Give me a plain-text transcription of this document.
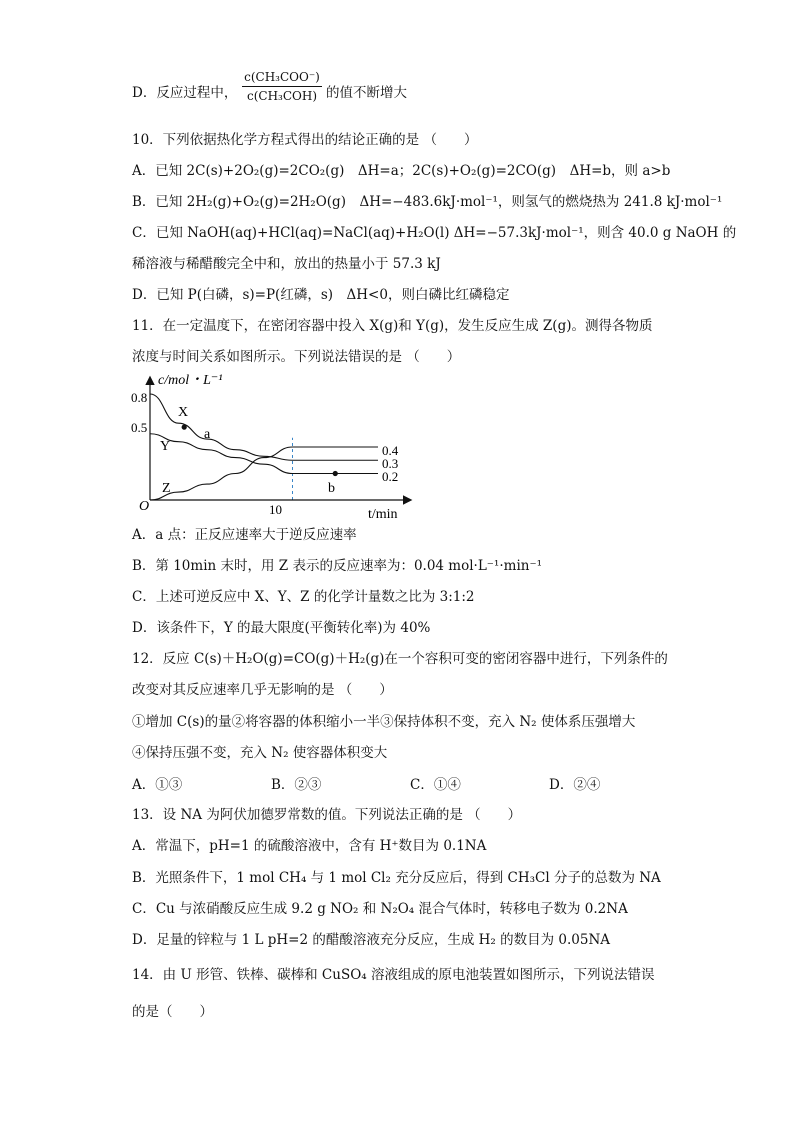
D．反应过程中，
c(CH₃COO⁻)
c(CH₃COH) 的值不断增大
10．下列依据热化学方程式得出的结论正确的是 （　　）
A．已知 2C(s)+2O₂(g)=2CO₂(g)　ΔH=a；2C(s)+O₂(g)=2CO(g)　ΔH=b，则 a>b
B．已知 2H₂(g)+O₂(g)=2H₂O(g)　ΔH=−483.6kJ·mol⁻¹，则氢气的燃烧热为 241.8 kJ·mol⁻¹
C．已知 NaOH(aq)+HCl(aq)=NaCl(aq)+H₂O(l) ΔH=−57.3kJ·mol⁻¹，则含 40.0 g NaOH 的
稀溶液与稀醋酸完全中和，放出的热量小于 57.3 kJ
D．已知 P(白磷，s)=P(红磷，s)　ΔH<0，则白磷比红磷稳定
11．在一定温度下，在密闭容器中投入 X(g)和 Y(g)，发生反应生成 Z(g)。测得各物质
浓度与时间关系如图所示。下列说法错误的是 （　　）
c/mol・L⁻¹
t/min
O
0.8
0.5
10
0.4
0.3
0.2
X
Y
Z
a
b
A．a 点：正反应速率大于逆反应速率
B．第 10min 末时，用 Z 表示的反应速率为：0.04 mol·L⁻¹·min⁻¹
C．上述可逆反应中 X、Y、Z 的化学计量数之比为 3:1:2
D．该条件下，Y 的最大限度(平衡转化率)为 40%
12．反应 C(s)＋H₂O(g)=CO(g)＋H₂(g)在一个容积可变的密闭容器中进行，下列条件的
改变对其反应速率几乎无影响的是 （　　）
①增加 C(s)的量②将容器的体积缩小一半③保持体积不变，充入 N₂ 使体系压强增大
④保持压强不变，充入 N₂ 使容器体积变大
A．①③	B．②③	C．①④	D．②④
13．设 NA 为阿伏加德罗常数的值。下列说法正确的是 （　　）
A．常温下，pH=1 的硫酸溶液中，含有 H⁺数目为 0.1NA
B．光照条件下，1 mol CH₄ 与 1 mol Cl₂ 充分反应后，得到 CH₃Cl 分子的总数为 NA
C．Cu 与浓硝酸反应生成 9.2 g NO₂ 和 N₂O₄ 混合气体时，转移电子数为 0.2NA
D．足量的锌粒与 1 L pH=2 的醋酸溶液充分反应，生成 H₂ 的数目为 0.05NA
14．由 U 形管、铁棒、碳棒和 CuSO₄ 溶液组成的原电池装置如图所示，下列说法错误
的是（　　）
